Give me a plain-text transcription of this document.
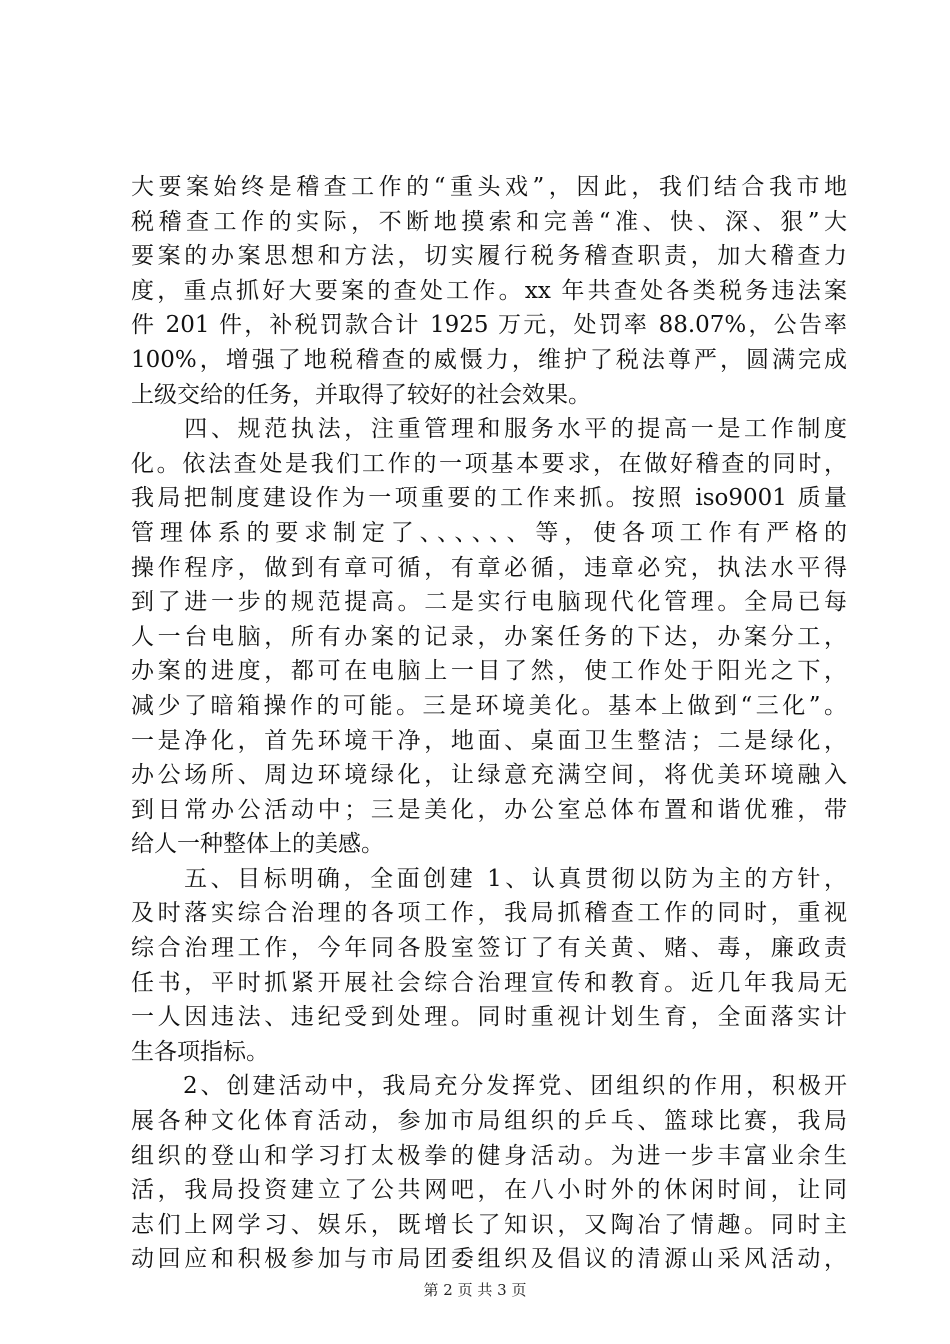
大要案始终是稽查工作的“重头戏”，因此，我们结合我市地
税稽查工作的实际，不断地摸索和完善“准、快、深、狠”大
要案的办案思想和方法，切实履行税务稽查职责，加大稽查力
度，重点抓好大要案的查处工作。xx 年共查处各类税务违法案
件 201 件，补税罚款合计 1925 万元，处罚率 88.07%，公告率
100%，增强了地税稽查的威慑力，维护了税法尊严，圆满完成
上级交给的任务，并取得了较好的社会效果。
　　四、规范执法，注重管理和服务水平的提高一是工作制度
化。依法查处是我们工作的一项基本要求，在做好稽查的同时，
我局把制度建设作为一项重要的工作来抓。按照 iso9001 质量
管理体系的要求制定了、、、、、、等，使各项工作有严格的
操作程序，做到有章可循，有章必循，违章必究，执法水平得
到了进一步的规范提高。二是实行电脑现代化管理。全局已每
人一台电脑，所有办案的记录，办案任务的下达，办案分工，
办案的进度，都可在电脑上一目了然，使工作处于阳光之下，
减少了暗箱操作的可能。三是环境美化。基本上做到“三化”。
一是净化，首先环境干净，地面、桌面卫生整洁；二是绿化，
办公场所、周边环境绿化，让绿意充满空间，将优美环境融入
到日常办公活动中；三是美化，办公室总体布置和谐优雅，带
给人一种整体上的美感。
　　五、目标明确，全面创建 1、认真贯彻以防为主的方针，
及时落实综合治理的各项工作，我局抓稽查工作的同时，重视
综合治理工作，今年同各股室签订了有关黄、赌、毒，廉政责
任书，平时抓紧开展社会综合治理宣传和教育。近几年我局无
一人因违法、违纪受到处理。同时重视计划生育，全面落实计
生各项指标。
　　2、创建活动中，我局充分发挥党、团组织的作用，积极开
展各种文化体育活动，参加市局组织的乒乓、篮球比赛，我局
组织的登山和学习打太极拳的健身活动。为进一步丰富业余生
活，我局投资建立了公共网吧，在八小时外的休闲时间，让同
志们上网学习、娱乐，既增长了知识，又陶冶了情趣。同时主
动回应和积极参加与市局团委组织及倡议的清源山采风活动，
第 2 页 共 3 页
